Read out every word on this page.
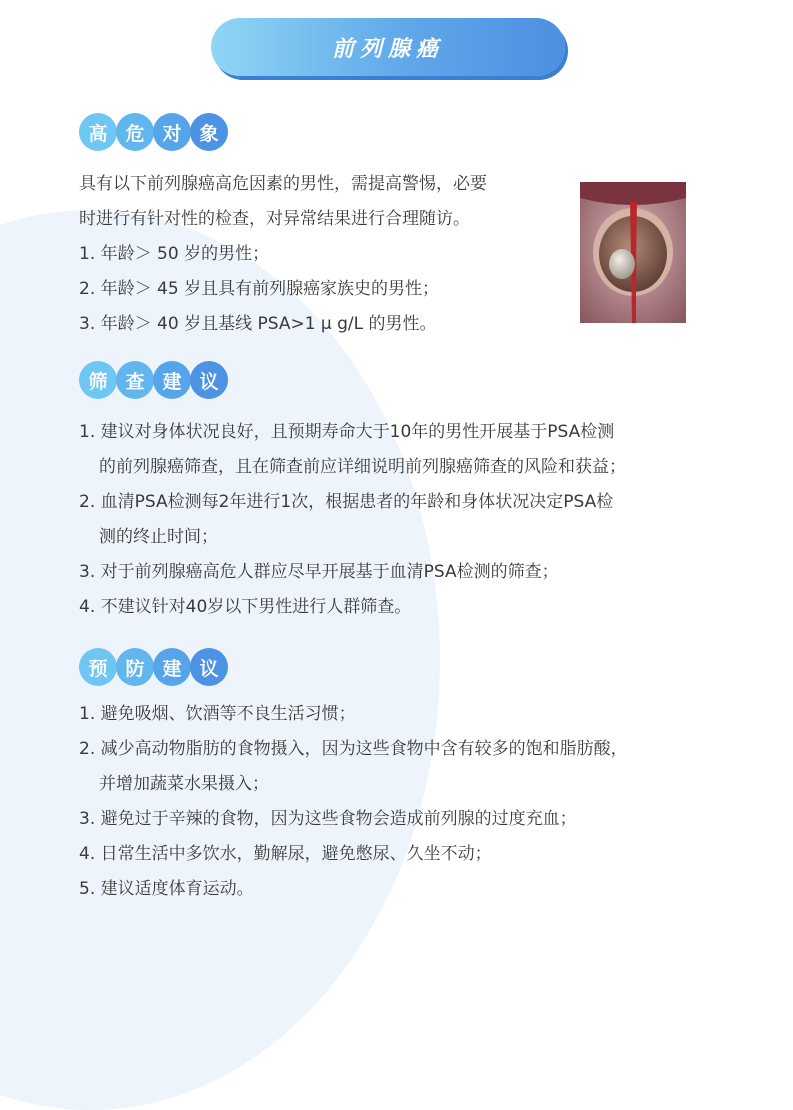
前列腺癌
高 危 对 象
具有以下前列腺癌高危因素的男性，需提高警惕，必要
时进行有针对性的检查，对异常结果进行合理随访。
1. 年龄＞ 50 岁的男性；
2. 年龄＞ 45 岁且具有前列腺癌家族史的男性；
3. 年龄＞ 40 岁且基线 PSA>1 μ g/L 的男性。
筛 查 建 议
1. 建议对身体状况良好，且预期寿命大于10年的男性开展基于PSA检测
的前列腺癌筛查，且在筛查前应详细说明前列腺癌筛查的风险和获益；
2. 血清PSA检测每2年进行1次，根据患者的年龄和身体状况决定PSA检
测的终止时间；
3. 对于前列腺癌高危人群应尽早开展基于血清PSA检测的筛查；
4. 不建议针对40岁以下男性进行人群筛查。
预 防 建 议
1. 避免吸烟、饮酒等不良生活习惯；
2. 减少高动物脂肪的食物摄入，因为这些食物中含有较多的饱和脂肪酸，
并增加蔬菜水果摄入；
3. 避免过于辛辣的食物，因为这些食物会造成前列腺的过度充血；
4. 日常生活中多饮水，勤解尿，避免憋尿、久坐不动；
5. 建议适度体育运动。
